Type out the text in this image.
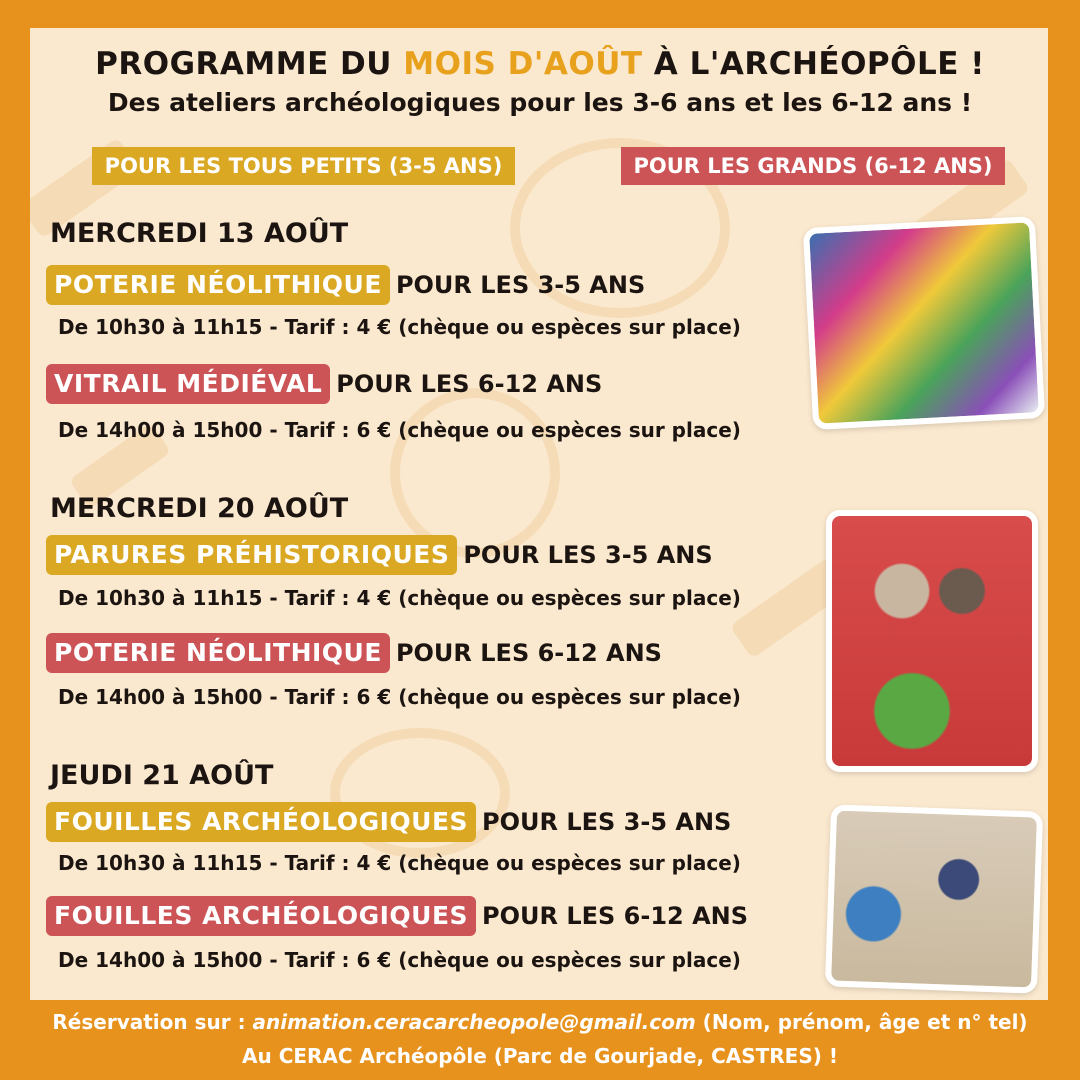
PROGRAMME DU MOIS D'AOÛT À L'ARCHÉOPÔLE !
Des ateliers archéologiques pour les 3-6 ans et les 6-12 ans !
POUR LES TOUS PETITS (3-5 ANS)	POUR LES GRANDS (6-12 ANS)
MERCREDI 13 AOÛT
POTERIE NÉOLITHIQUE POUR LES 3-5 ANS
De 10h30 à 11h15 - Tarif : 4 € (chèque ou espèces sur place)
VITRAIL MÉDIÉVAL POUR LES 6-12 ANS
De 14h00 à 15h00 - Tarif : 6 € (chèque ou espèces sur place)
MERCREDI 20 AOÛT
PARURES PRÉHISTORIQUES POUR LES 3-5 ANS
De 10h30 à 11h15 - Tarif : 4 € (chèque ou espèces sur place)
POTERIE NÉOLITHIQUE POUR LES 6-12 ANS
De 14h00 à 15h00 - Tarif : 6 € (chèque ou espèces sur place)
JEUDI 21 AOÛT
FOUILLES ARCHÉOLOGIQUES POUR LES 3-5 ANS
De 10h30 à 11h15 - Tarif : 4 € (chèque ou espèces sur place)
FOUILLES ARCHÉOLOGIQUES POUR LES 6-12 ANS
De 14h00 à 15h00 - Tarif : 6 € (chèque ou espèces sur place)
Réservation sur : animation.ceracarcheopole@gmail.com (Nom, prénom, âge et n° tel)
Au CERAC Archéopôle (Parc de Gourjade, CASTRES) !
